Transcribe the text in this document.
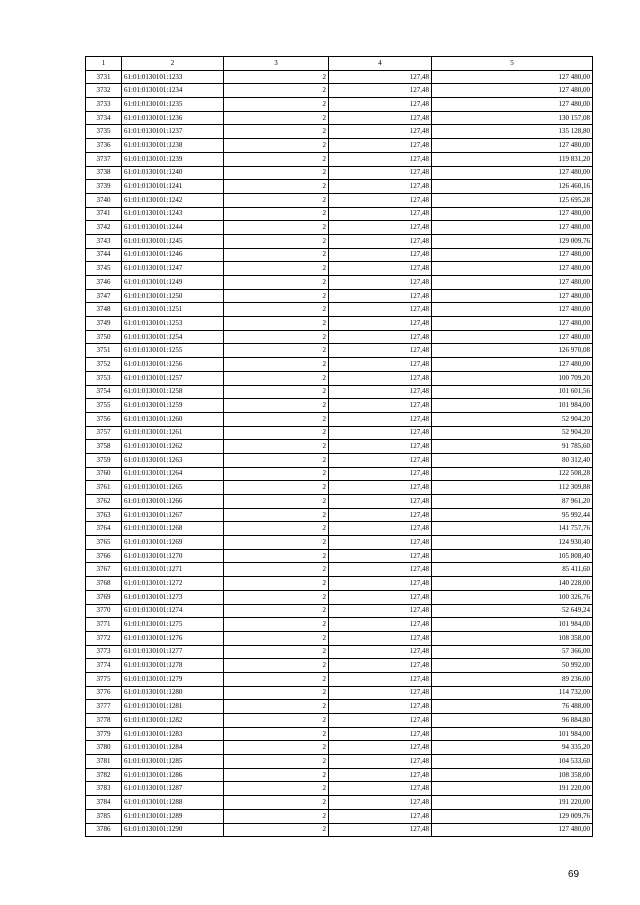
1	2	3	4	5
3731	61:01:0130101:1233	2	127,48	127 480,00
3732	61:01:0130101:1234	2	127,48	127 480,00
3733	61:01:0130101:1235	2	127,48	127 480,00
3734	61:01:0130101:1236	2	127,48	130 157,08
3735	61:01:0130101:1237	2	127,48	135 128,80
3736	61:01:0130101:1238	2	127,48	127 480,00
3737	61:01:0130101:1239	2	127,48	119 831,20
3738	61:01:0130101:1240	2	127,48	127 480,00
3739	61:01:0130101:1241	2	127,48	126 460,16
3740	61:01:0130101:1242	2	127,48	125 695,28
3741	61:01:0130101:1243	2	127,48	127 480,00
3742	61:01:0130101:1244	2	127,48	127 480,00
3743	61:01:0130101:1245	2	127,48	129 009,76
3744	61:01:0130101:1246	2	127,48	127 480,00
3745	61:01:0130101:1247	2	127,48	127 480,00
3746	61:01:0130101:1249	2	127,48	127 480,00
3747	61:01:0130101:1250	2	127,48	127 480,00
3748	61:01:0130101:1251	2	127,48	127 480,00
3749	61:01:0130101:1253	2	127,48	127 480,00
3750	61:01:0130101:1254	2	127,48	127 480,00
3751	61:01:0130101:1255	2	127,48	126 970,08
3752	61:01:0130101:1256	2	127,48	127 480,00
3753	61:01:0130101:1257	2	127,48	100 709,20
3754	61:01:0130101:1258	2	127,48	101 601,56
3755	61:01:0130101:1259	2	127,48	101 984,00
3756	61:01:0130101:1260	2	127,48	52 904,20
3757	61:01:0130101:1261	2	127,48	52 904,20
3758	61:01:0130101:1262	2	127,48	91 785,60
3759	61:01:0130101:1263	2	127,48	80 312,40
3760	61:01:0130101:1264	2	127,48	122 508,28
3761	61:01:0130101:1265	2	127,48	112 309,88
3762	61:01:0130101:1266	2	127,48	87 961,20
3763	61:01:0130101:1267	2	127,48	95 992,44
3764	61:01:0130101:1268	2	127,48	141 757,76
3765	61:01:0130101:1269	2	127,48	124 930,40
3766	61:01:0130101:1270	2	127,48	105 808,40
3767	61:01:0130101:1271	2	127,48	85 411,60
3768	61:01:0130101:1272	2	127,48	140 228,00
3769	61:01:0130101:1273	2	127,48	100 326,76
3770	61:01:0130101:1274	2	127,48	52 649,24
3771	61:01:0130101:1275	2	127,48	101 984,00
3772	61:01:0130101:1276	2	127,48	108 358,00
3773	61:01:0130101:1277	2	127,48	57 366,00
3774	61:01:0130101:1278	2	127,48	50 992,00
3775	61:01:0130101:1279	2	127,48	89 236,00
3776	61:01:0130101:1280	2	127,48	114 732,00
3777	61:01:0130101:1281	2	127,48	76 488,00
3778	61:01:0130101:1282	2	127,48	96 884,80
3779	61:01:0130101:1283	2	127,48	101 984,00
3780	61:01:0130101:1284	2	127,48	94 335,20
3781	61:01:0130101:1285	2	127,48	104 533,60
3782	61:01:0130101:1286	2	127,48	108 358,00
3783	61:01:0130101:1287	2	127,48	191 220,00
3784	61:01:0130101:1288	2	127,48	191 220,00
3785	61:01:0130101:1289	2	127,48	129 009,76
3786	61:01:0130101:1290	2	127,48	127 480,00
69
